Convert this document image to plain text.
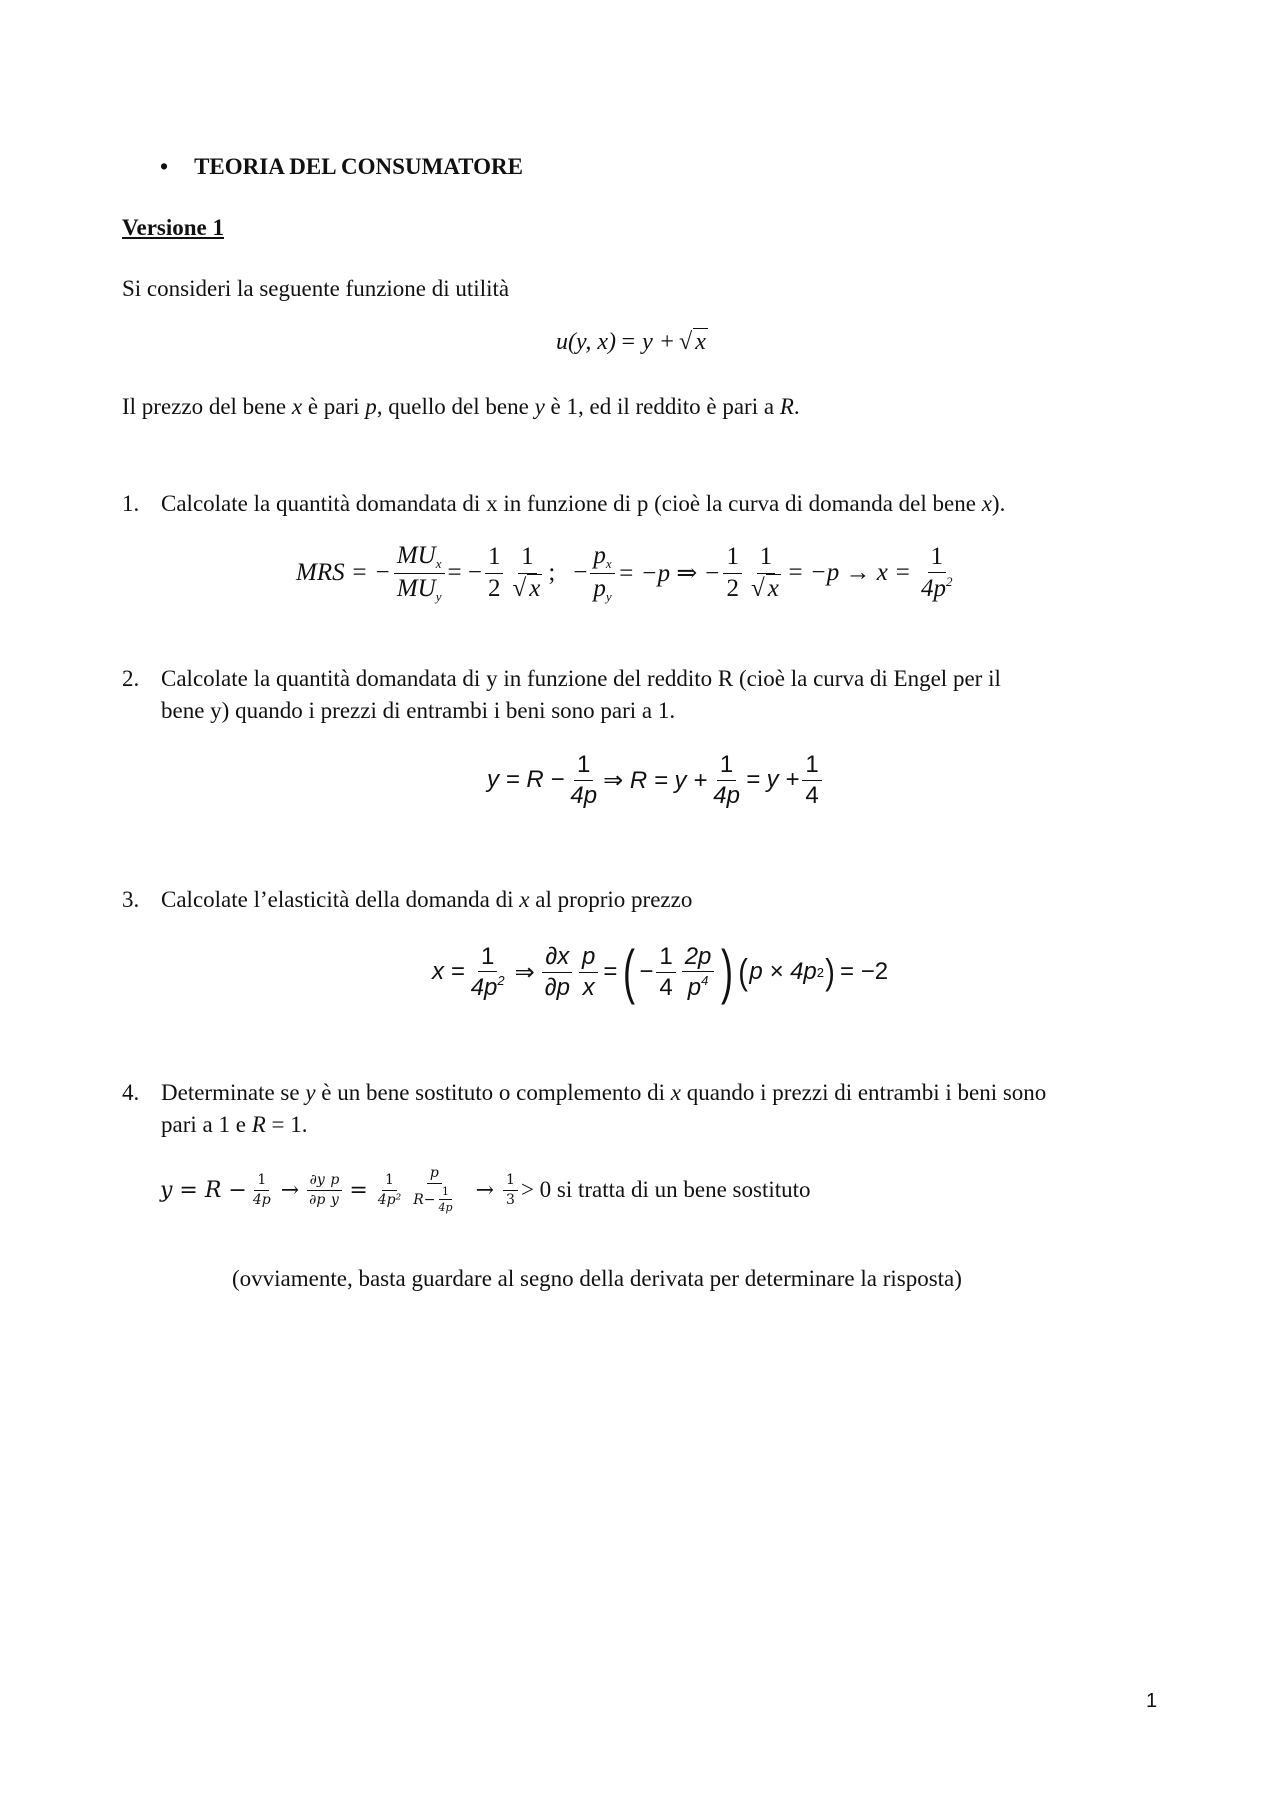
• TEORIA DEL CONSUMATORE
Versione 1
Si consideri la seguente funzione di utilità
u(y, x) = y + √ x
Il prezzo del bene x è pari p, quello del bene y è 1, ed il reddito è pari a R.
1. Calcolate la quantità domandata di x in funzione di p (cioè la curva di domanda del bene x).
MRS = − $\frac{MU_x}{MU_y}$ = − $\frac{1}{2} \frac{1}{√ x}$ ; − $\frac{p_x}{p_y} = -p$ ⇒ − $\frac{1}{2} \frac{1}{√ x} = -p \to x = \frac{1}{4p^2}$
2. Calcolate la quantità domandata di y in funzione del reddito R (cioè la curva di Engel per il
bene y) quando i prezzi di entrambi i beni sono pari a 1.
$y = R - \frac{1}{4p}$ ⇒ $R = y + \frac{1}{4p} = y + \frac{1}{4}$
3. Calcolate l’elasticità della domanda di x al proprio prezzo
$x = \frac{1}{4p^2}$ ⇒ $\frac{\partial x}{\partial p} \frac{p}{x}$ = ( − $\frac{1}{4} \frac{2p}{p^4}$ ) ( p × 4p 2 ) = −2
4. Determinate se y è un bene sostituto o complemento di x quando i prezzi di entrambi i beni sono
pari a 1 e R = 1.
$y = R - \frac{1}{4p} \to \frac{\partial y}{\partial p} \frac{p}{y} = \frac{1}{\text{4p²}} \frac{p}{R- \frac{1}{4p}} \to \frac{1}{3} > 0$ si tratta di un bene sostituto
(ovviamente, basta guardare al segno della derivata per determinare la risposta)
1
